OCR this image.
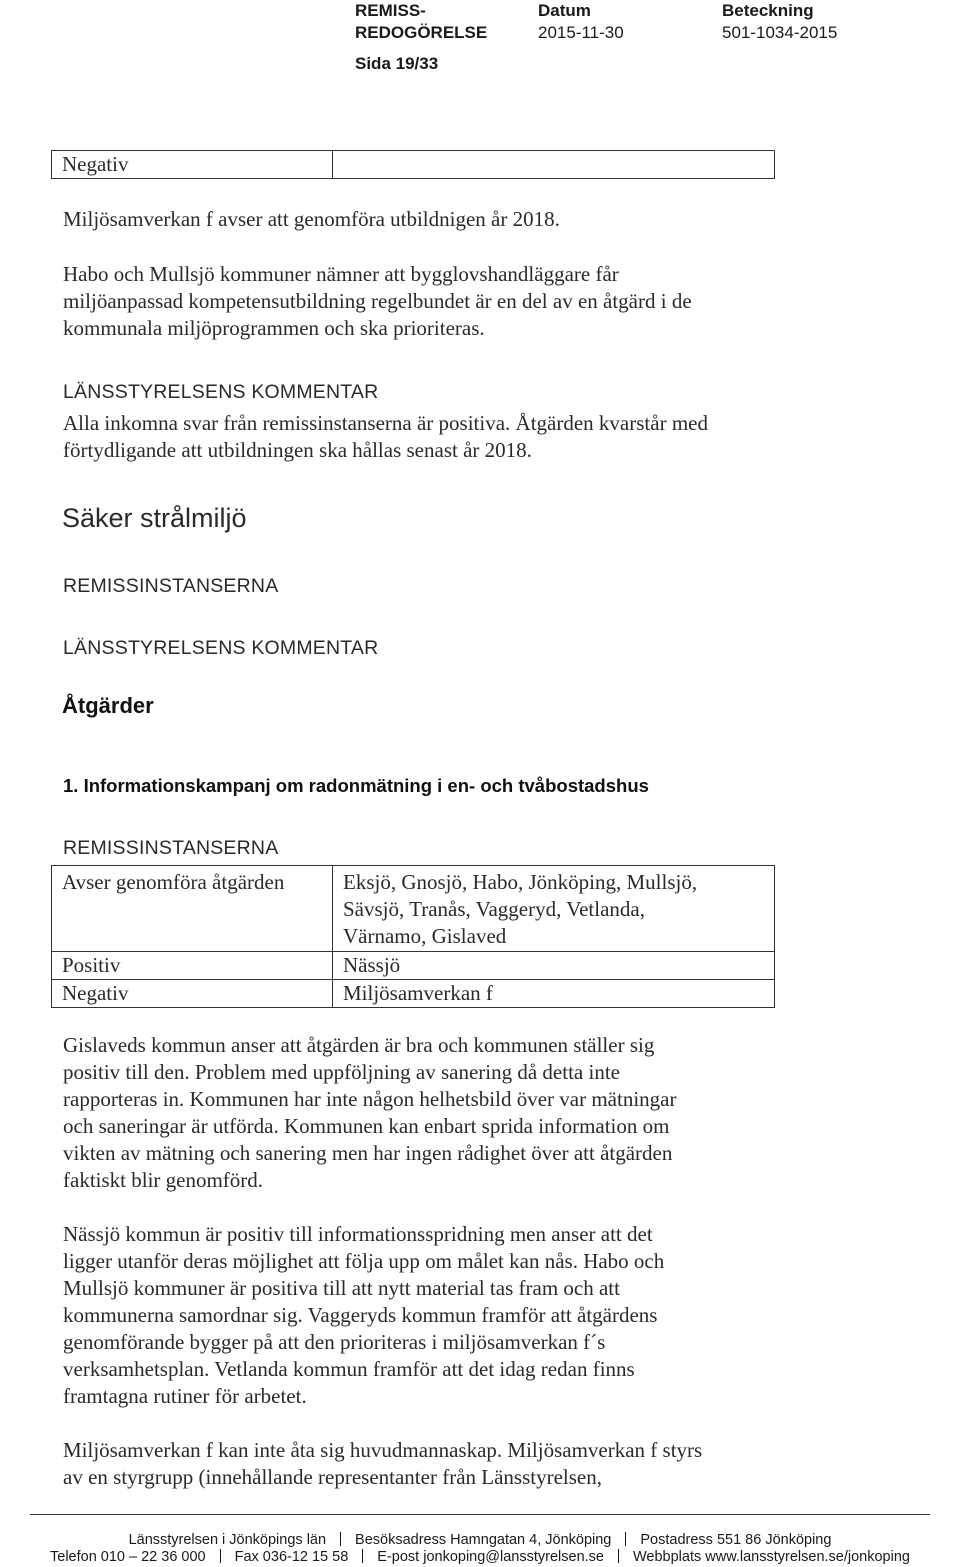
REMISS-
REDOGÖRELSE
Sida 19/33
Datum
2015-11-30
Beteckning
501-1034-2015
Negativ	
Miljösamverkan f avser att genomföra utbildnigen år 2018.
Habo och Mullsjö kommuner nämner att bygglovshandläggare får
miljöanpassad kompetensutbildning regelbundet är en del av en åtgärd i de
kommunala miljöprogrammen och ska prioriteras.
LÄNSSTYRELSENS KOMMENTAR
Alla inkomna svar från remissinstanserna är positiva. Åtgärden kvarstår med
förtydligande att utbildningen ska hållas senast år 2018.
Säker strålmiljö
REMISSINSTANSERNA
LÄNSSTYRELSENS KOMMENTAR
Åtgärder
1. Informationskampanj om radonmätning i en- och tvåbostadshus
REMISSINSTANSERNA
Avser genomföra åtgärden	Eksjö, Gnosjö, Habo, Jönköping, Mullsjö,
Sävsjö, Tranås, Vaggeryd, Vetlanda,
Värnamo, Gislaved

Positiv	Nässjö

Negativ	Miljösamverkan f
Gislaveds kommun anser att åtgärden är bra och kommunen ställer sig
positiv till den. Problem med uppföljning av sanering då detta inte
rapporteras in. Kommunen har inte någon helhetsbild över var mätningar
och saneringar är utförda. Kommunen kan enbart sprida information om
vikten av mätning och sanering men har ingen rådighet över att åtgärden
faktiskt blir genomförd.
Nässjö kommun är positiv till informationsspridning men anser att det
ligger utanför deras möjlighet att följa upp om målet kan nås. Habo och
Mullsjö kommuner är positiva till att nytt material tas fram och att
kommunerna samordnar sig. Vaggeryds kommun framför att åtgärdens
genomförande bygger på att den prioriteras i miljösamverkan f´s
verksamhetsplan. Vetlanda kommun framför att det idag redan finns
framtagna rutiner för arbetet.
Miljösamverkan f kan inte åta sig huvudmannaskap. Miljösamverkan f styrs
av en styrgrupp (innehållande representanter från Länsstyrelsen,
Länsstyrelsen i Jönköpings län Besöksadress Hamngatan 4, Jönköping Postadress 551 86 Jönköping
Telefon 010 – 22 36 000 Fax 036-12 15 58 E-post jonkoping@lansstyrelsen.se Webbplats www.lansstyrelsen.se/jonkoping
